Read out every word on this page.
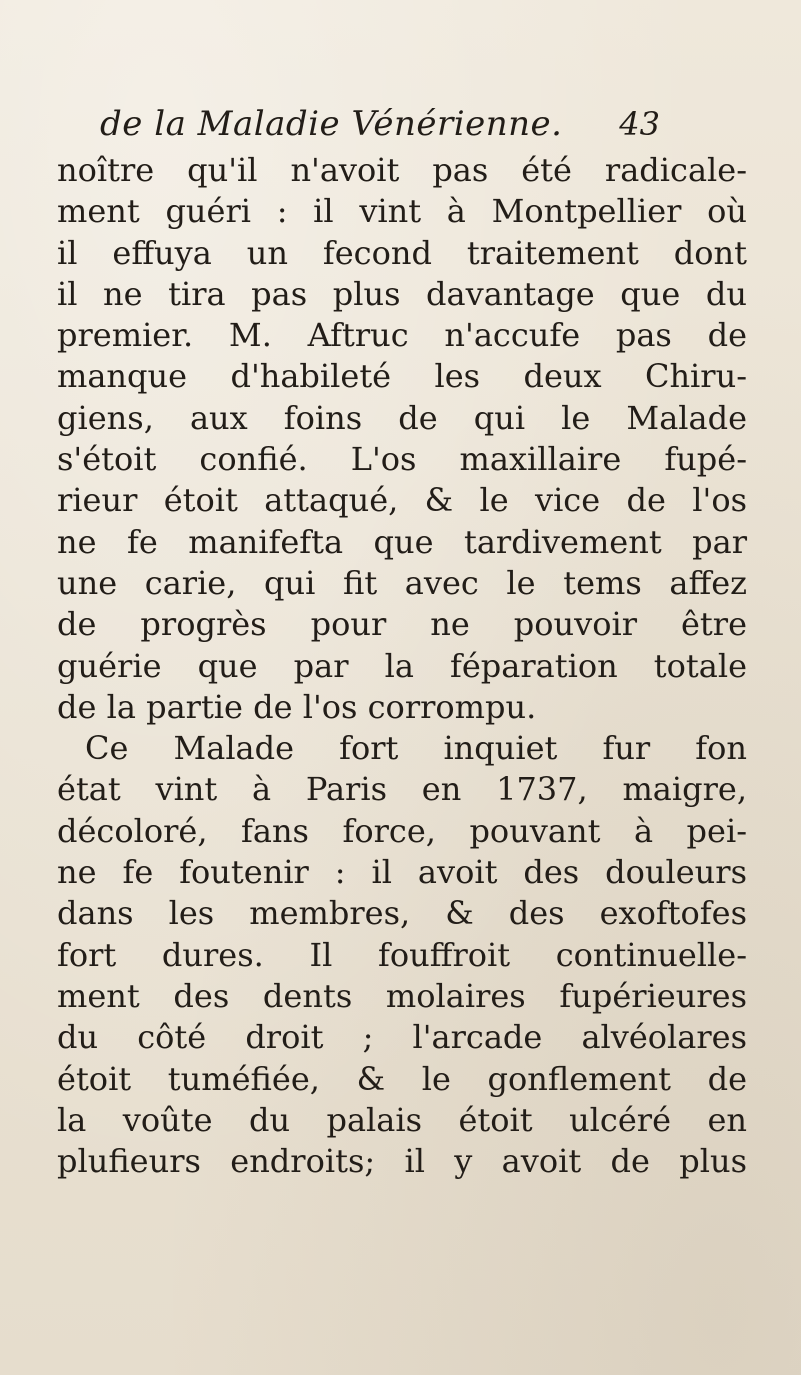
de la Maladie Vénérienne. 43
noître qu'il n'avoit pas été radicale-
ment guéri : il vint à Montpellier où
il effuya un fecond traitement dont
il ne tira pas plus davantage que du
premier. M. Aftruc n'accufe pas de
manque d'habileté les deux Chiru-
giens, aux foins de qui le Malade
s'étoit confié. L'os maxillaire fupé-
rieur étoit attaqué, & le vice de l'os
ne fe manifefta que tardivement par
une carie, qui fit avec le tems affez
de progrès pour ne pouvoir être
guérie que par la féparation totale
de la partie de l'os corrompu.
Ce Malade fort inquiet fur fon
état vint à Paris en 1737, maigre,
décoloré, fans force, pouvant à pei-
ne fe foutenir : il avoit des douleurs
dans les membres, & des exoftofes
fort dures. Il fouffroit continuelle-
ment des dents molaires fupérieures
du côté droit ; l'arcade alvéolares
étoit tuméfiée, & le gonflement de
la voûte du palais étoit ulcéré en
plufieurs endroits; il y avoit de plus
